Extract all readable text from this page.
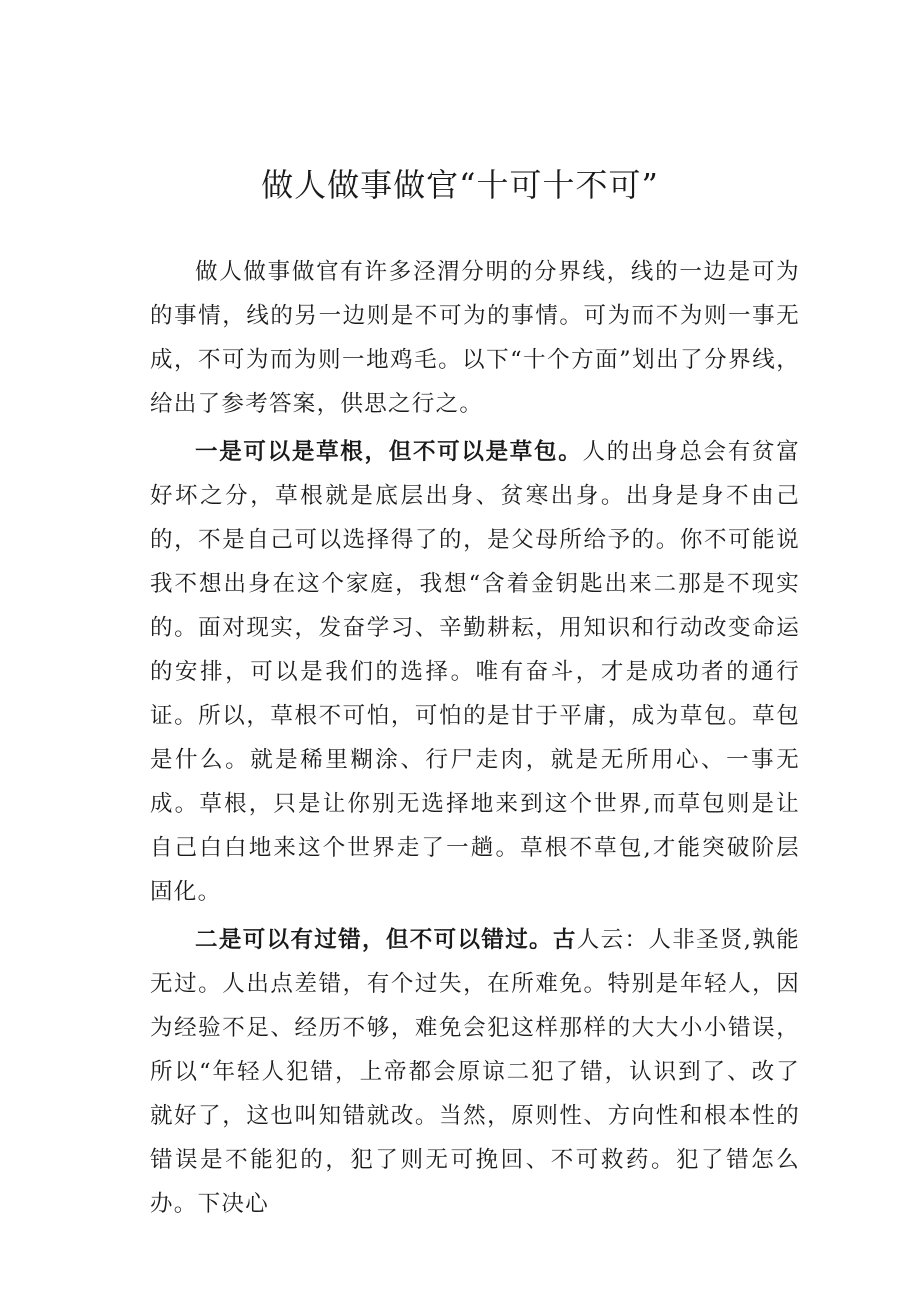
做人做事做官“十可十不可”

做人做事做官有许多泾渭分明的分界线，线的一边是可为的事情，线的另一边则是不可为的事情。可为而不为则一事无成，不可为而为则一地鸡毛。以下“十个方面”划出了分界线，给出了参考答案，供思之行之。

一是可以是草根，但不可以是草包。人的出身总会有贫富好坏之分，草根就是底层出身、贫寒出身。出身是身不由己的，不是自己可以选择得了的，是父母所给予的。你不可能说我不想出身在这个家庭，我想“含着金钥匙出来二那是不现实的。面对现实，发奋学习、辛勤耕耘，用知识和行动改变命运的安排，可以是我们的选择。唯有奋斗，才是成功者的通行证。所以，草根不可怕，可怕的是甘于平庸，成为草包。草包是什么。就是稀里糊涂、行尸走肉，就是无所用心、一事无成。草根，只是让你别无选择地来到这个世界,而草包则是让自己白白地来这个世界走了一趟。草根不草包,才能突破阶层固化。

二是可以有过错，但不可以错过。古人云：人非圣贤,孰能无过。人出点差错，有个过失，在所难免。特别是年轻人，因为经验不足、经历不够，难免会犯这样那样的大大小小错误，所以“年轻人犯错，上帝都会原谅二犯了错，认识到了、改了就好了，这也叫知错就改。当然，原则性、方向性和根本性的错误是不能犯的，犯了则无可挽回、不可救药。犯了错怎么办。下决心
